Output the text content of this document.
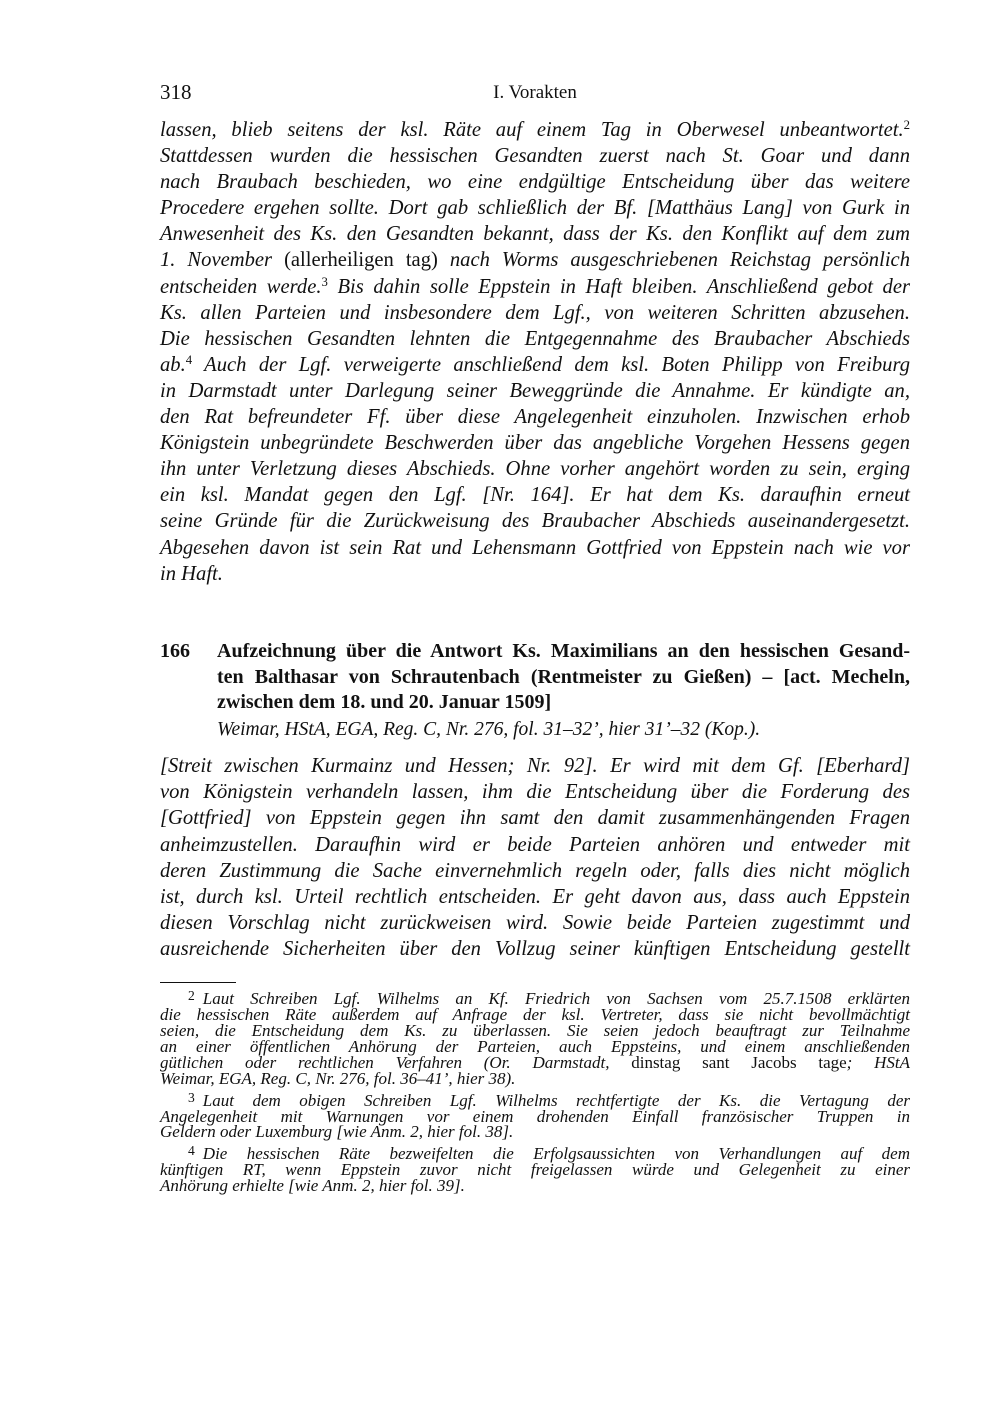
318	I. Vorakten
lassen, blieb seitens der ksl. Räte auf einem Tag in Oberwesel unbeantwortet.$^2$
Stattdessen wurden die hessischen Gesandten zuerst nach St. Goar und dann
nach Braubach beschieden, wo eine endgültige Entscheidung über das weitere
Procedere ergehen sollte. Dort gab schließlich der Bf. [Matthäus Lang] von Gurk in
Anwesenheit des Ks. den Gesandten bekannt, dass der Ks. den Konflikt auf dem zum
1. November (allerheiligen tag) nach Worms ausgeschriebenen Reichstag persönlich
entscheiden werde.$^3$ Bis dahin solle Eppstein in Haft bleiben. Anschließend gebot der
Ks. allen Parteien und insbesondere dem Lgf., von weiteren Schritten abzusehen.
Die hessischen Gesandten lehnten die Entgegennahme des Braubacher Abschieds
ab.$^4$ Auch der Lgf. verweigerte anschließend dem ksl. Boten Philipp von Freiburg
in Darmstadt unter Darlegung seiner Beweggründe die Annahme. Er kündigte an,
den Rat befreundeter Ff. über diese Angelegenheit einzuholen. Inzwischen erhob
Königstein unbegründete Beschwerden über das angebliche Vorgehen Hessens gegen
ihn unter Verletzung dieses Abschieds. Ohne vorher angehört worden zu sein, erging
ein ksl. Mandat gegen den Lgf. [Nr. 164]. Er hat dem Ks. daraufhin erneut
seine Gründe für die Zurückweisung des Braubacher Abschieds auseinandergesetzt.
Abgesehen davon ist sein Rat und Lehensmann Gottfried von Eppstein nach wie vor
in Haft.
166 Aufzeichnung über die Antwort Ks. Maximilians an den hessischen Gesand-
ten Balthasar von Schrautenbach (Rentmeister zu Gießen) – [act. Mecheln,
zwischen dem 18. und 20. Januar 1509]
Weimar, HStA, EGA, Reg. C, Nr. 276, fol. 31–32’, hier 31’–32 (Kop.).
[Streit zwischen Kurmainz und Hessen; Nr. 92]. Er wird mit dem Gf. [Eberhard]
von Königstein verhandeln lassen, ihm die Entscheidung über die Forderung des
[Gottfried] von Eppstein gegen ihn samt den damit zusammenhängenden Fragen
anheimzustellen. Daraufhin wird er beide Parteien anhören und entweder mit
deren Zustimmung die Sache einvernehmlich regeln oder, falls dies nicht möglich
ist, durch ksl. Urteil rechtlich entscheiden. Er geht davon aus, dass auch Eppstein
diesen Vorschlag nicht zurückweisen wird. Sowie beide Parteien zugestimmt und
ausreichende Sicherheiten über den Vollzug seiner künftigen Entscheidung gestellt
$^2$ Laut Schreiben Lgf. Wilhelms an Kf. Friedrich von Sachsen vom 25.7.1508 erklärten
die hessischen Räte außerdem auf Anfrage der ksl. Vertreter, dass sie nicht bevollmächtigt
seien, die Entscheidung dem Ks. zu überlassen. Sie seien jedoch beauftragt zur Teilnahme
an einer öffentlichen Anhörung der Parteien, auch Eppsteins, und einem anschließenden
gütlichen oder rechtlichen Verfahren (Or. Darmstadt, dinstag sant Jacobs tage; HStA
Weimar, EGA, Reg. C, Nr. 276, fol. 36–41’, hier 38).
$^3$ Laut dem obigen Schreiben Lgf. Wilhelms rechtfertigte der Ks. die Vertagung der
Angelegenheit mit Warnungen vor einem drohenden Einfall französischer Truppen in
Geldern oder Luxemburg [wie Anm. 2, hier fol. 38].
$^4$ Die hessischen Räte bezweifelten die Erfolgsaussichten von Verhandlungen auf dem
künftigen RT, wenn Eppstein zuvor nicht freigelassen würde und Gelegenheit zu einer
Anhörung erhielte [wie Anm. 2, hier fol. 39].
